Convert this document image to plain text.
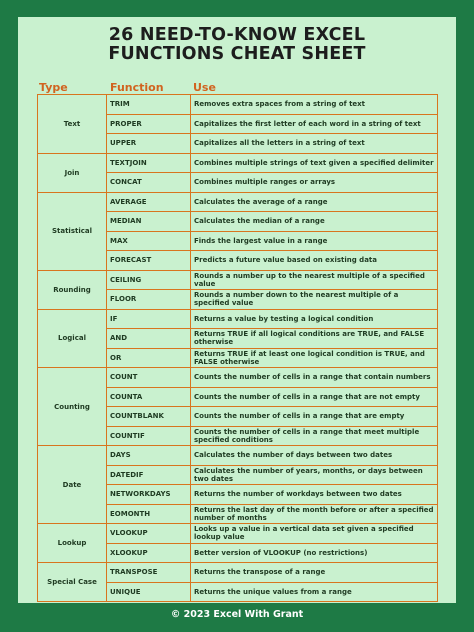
26 NEED-TO-KNOW EXCEL
FUNCTIONS CHEAT SHEET
Type	Function	Use
Text	TRIM	Removes extra spaces from a string of text
	PROPER	Capitalizes the first letter of each word in a string of text
	UPPER	Capitalizes all the letters in a string of text
Join	TEXTJOIN	Combines multiple strings of text given a specified delimiter
	CONCAT	Combines multiple ranges or arrays
Statistical	AVERAGE	Calculates the average of a range
	MEDIAN	Calculates the median of a range
	MAX	Finds the largest value in a range
	FORECAST	Predicts a future value based on existing data
Rounding	CEILING	Rounds a number up to the nearest multiple of a specified value
	FLOOR	Rounds a number down to the nearest multiple of a specified value
Logical	IF	Returns a value by testing a logical condition
	AND	Returns TRUE if all logical conditions are TRUE, and FALSE otherwise
	OR	Returns TRUE if at least one logical condition is TRUE, and FALSE otherwise
Counting	COUNT	Counts the number of cells in a range that contain numbers
	COUNTA	Counts the number of cells in a range that are not empty
	COUNTBLANK	Counts the number of cells in a range that are empty
	COUNTIF	Counts the number of cells in a range that meet multiple specified conditions
Date	DAYS	Calculates the number of days between two dates
	DATEDIF	Calculates the number of years, months, or days between two dates
	NETWORKDAYS	Returns the number of workdays between two dates
	EOMONTH	Returns the last day of the month before or after a specified number of months
Lookup	VLOOKUP	Looks up a value in a vertical data set given a specified lookup value
	XLOOKUP	Better version of VLOOKUP (no restrictions)
Special Case	TRANSPOSE	Returns the transpose of a range
	UNIQUE	Returns the unique values from a range
© 2023 Excel With Grant
